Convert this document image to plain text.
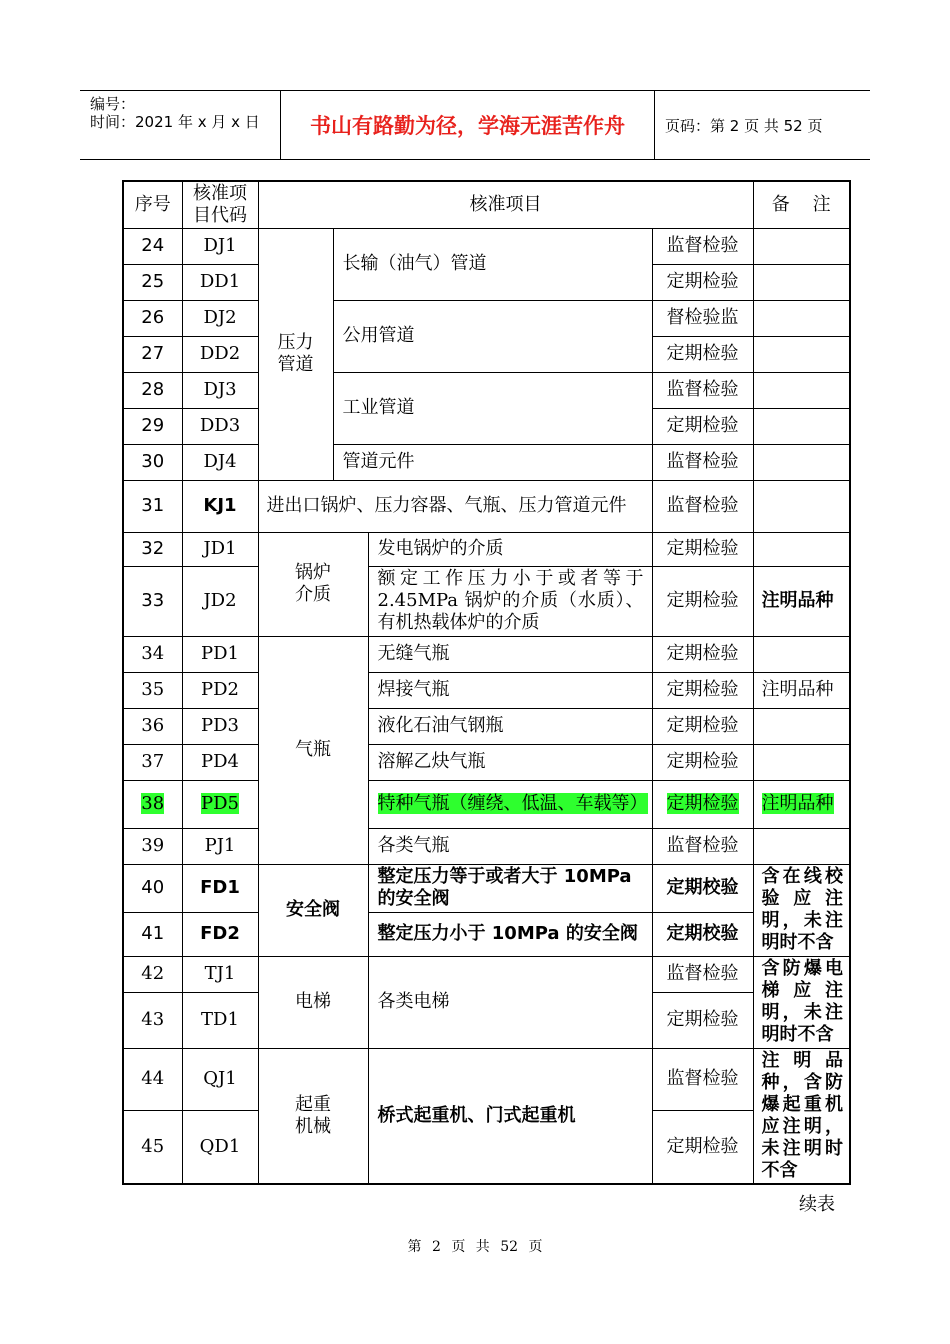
编号：
时间：2021 年 x 月 x 日	书山有路勤为径，学海无涯苦作舟	页码：第 2 页 共 52 页
序号	核准项目代码	核准项目				备    注
24	DJ1	压力管道	长输（油气）管道		监督检验	
25	DD1				定期检验	
26	DJ2		公用管道		督检验监	
27	DD2				定期检验	
28	DJ3		工业管道		监督检验	
29	DD3				定期检验	
30	DJ4		管道元件		监督检验	
31	KJ1	进出口锅炉、压力容器、气瓶、压力管道元件			监督检验	
32	JD1	锅炉介质		发电锅炉的介质	定期检验	
33	JD2			额定工作压力小于或者等于 2.45MPa 锅炉的介质（水质）、有机热载体炉的介质	定期检验	注明品种
34	PD1	气瓶		无缝气瓶	定期检验	
35	PD2			焊接气瓶	定期检验	注明品种
36	PD3			液化石油气钢瓶	定期检验	
37	PD4			溶解乙炔气瓶	定期检验	
38	PD5			特种气瓶（缠绕、低温、车载等）	定期检验	注明品种
39	PJ1			各类气瓶	监督检验	
40	FD1	安全阀		整定压力等于或者大于 10MPa 的安全阀	定期校验	含在线校验应注明，未注明时不含
41	FD2			整定压力小于 10MPa 的安全阀	定期校验	
42	TJ1	电梯		各类电梯	监督检验	含防爆电梯应注明，未注明时不含
43	TD1				定期检验	
44	QJ1	起重机械		桥式起重机、门式起重机	监督检验	注明品种，含防爆起重机应注明，未注明时不含
45	QD1				定期检验	
续表
第 2 页 共 52 页
